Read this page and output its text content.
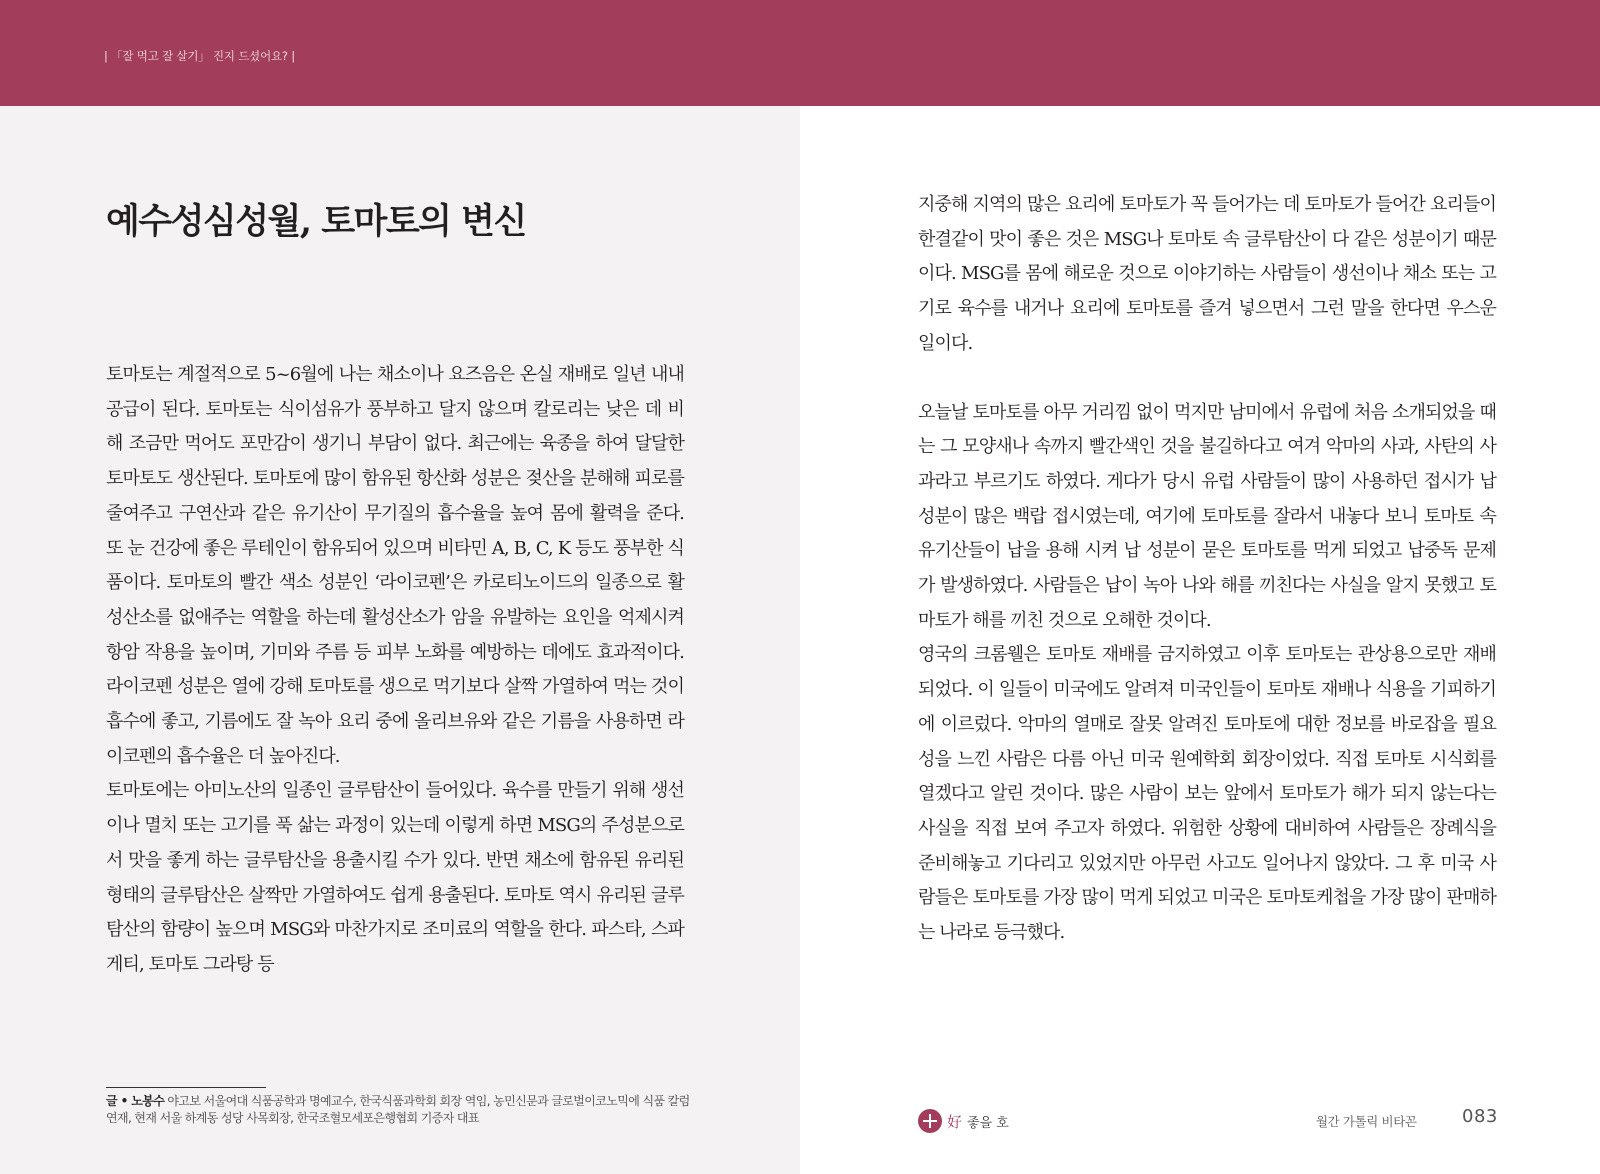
| 「잘 먹고 잘 살기」 진지 드셨어요? |
예수성심성월, 토마토의 변신

토마토는 계절적으로 5~6월에 나는 채소이나 요즈음은 온실 재배로 일년 내내 공급이 된다. 토마토는 식이섬유가 풍부하고 달지 않으며 칼로리는 낮은 데 비해 조금만 먹어도 포만감이 생기니 부담이 없다. 최근에는 육종을 하여 달달한 토마토도 생산된다. 토마토에 많이 함유된 항산화 성분은 젖산을 분해해 피로를 줄여주고 구연산과 같은 유기산이 무기질의 흡수율을 높여 몸에 활력을 준다. 또 눈 건강에 좋은 루테인이 함유되어 있으며 비타민 A, B, C, K 등도 풍부한 식품이다. 토마토의 빨간 색소 성분인 ‘라이코펜’은 카로티노이드의 일종으로 활성산소를 없애주는 역할을 하는데 활성산소가 암을 유발하는 요인을 억제시켜 항암 작용을 높이며, 기미와 주름 등 피부 노화를 예방하는 데에도 효과적이다. 라이코펜 성분은 열에 강해 토마토를 생으로 먹기보다 살짝 가열하여 먹는 것이 흡수에 좋고, 기름에도 잘 녹아 요리 중에 올리브유와 같은 기름을 사용하면 라이코펜의 흡수율은 더 높아진다.

토마토에는 아미노산의 일종인 글루탐산이 들어있다. 육수를 만들기 위해 생선이나 멸치 또는 고기를 푹 삶는 과정이 있는데 이렇게 하면 MSG의 주성분으로서 맛을 좋게 하는 글루탐산을 용출시킬 수가 있다. 반면 채소에 함유된 유리된 형태의 글루탐산은 살짝만 가열하여도 쉽게 용출된다. 토마토 역시 유리된 글루탐산의 함량이 높으며 MSG와 마찬가지로 조미료의 역할을 한다. 파스타, 스파게티, 토마토 그라탕 등

지중해 지역의 많은 요리에 토마토가 꼭 들어가는 데 토마토가 들어간 요리들이 한결같이 맛이 좋은 것은 MSG나 토마토 속 글루탐산이 다 같은 성분이기 때문이다. MSG를 몸에 해로운 것으로 이야기하는 사람들이 생선이나 채소 또는 고기로 육수를 내거나 요리에 토마토를 즐겨 넣으면서 그런 말을 한다면 우스운 일이다.

오늘날 토마토를 아무 거리낌 없이 먹지만 남미에서 유럽에 처음 소개되었을 때는 그 모양새나 속까지 빨간색인 것을 불길하다고 여겨 악마의 사과, 사탄의 사과라고 부르기도 하였다. 게다가 당시 유럽 사람들이 많이 사용하던 접시가 납 성분이 많은 백랍 접시였는데, 여기에 토마토를 잘라서 내놓다 보니 토마토 속 유기산들이 납을 용해 시켜 납 성분이 묻은 토마토를 먹게 되었고 납중독 문제가 발생하였다. 사람들은 납이 녹아 나와 해를 끼친다는 사실을 알지 못했고 토마토가 해를 끼친 것으로 오해한 것이다.

영국의 크롬웰은 토마토 재배를 금지하였고 이후 토마토는 관상용으로만 재배되었다. 이 일들이 미국에도 알려져 미국인들이 토마토 재배나 식용을 기피하기에 이르렀다. 악마의 열매로 잘못 알려진 토마토에 대한 정보를 바로잡을 필요성을 느낀 사람은 다름 아닌 미국 원예학회 회장이었다. 직접 토마토 시식회를 열겠다고 알린 것이다. 많은 사람이 보는 앞에서 토마토가 해가 되지 않는다는 사실을 직접 보여 주고자 하였다. 위험한 상황에 대비하여 사람들은 장례식을 준비해놓고 기다리고 있었지만 아무런 사고도 일어나지 않았다. 그 후 미국 사람들은 토마토를 가장 많이 먹게 되었고 미국은 토마토케첩을 가장 많이 판매하는 나라로 등극했다.

글 • 노봉수 야고보 서울여대 식품공학과 명예교수, 한국식품과학회 회장 역임, 농민신문과 글로벌이코노믹에 식품 칼럼 연재, 현재 서울 하계동 성당 사목회장, 한국조혈모세포은행협회 기증자 대표	好 좋을 호	월간 가톨릭 비타꼰	083
